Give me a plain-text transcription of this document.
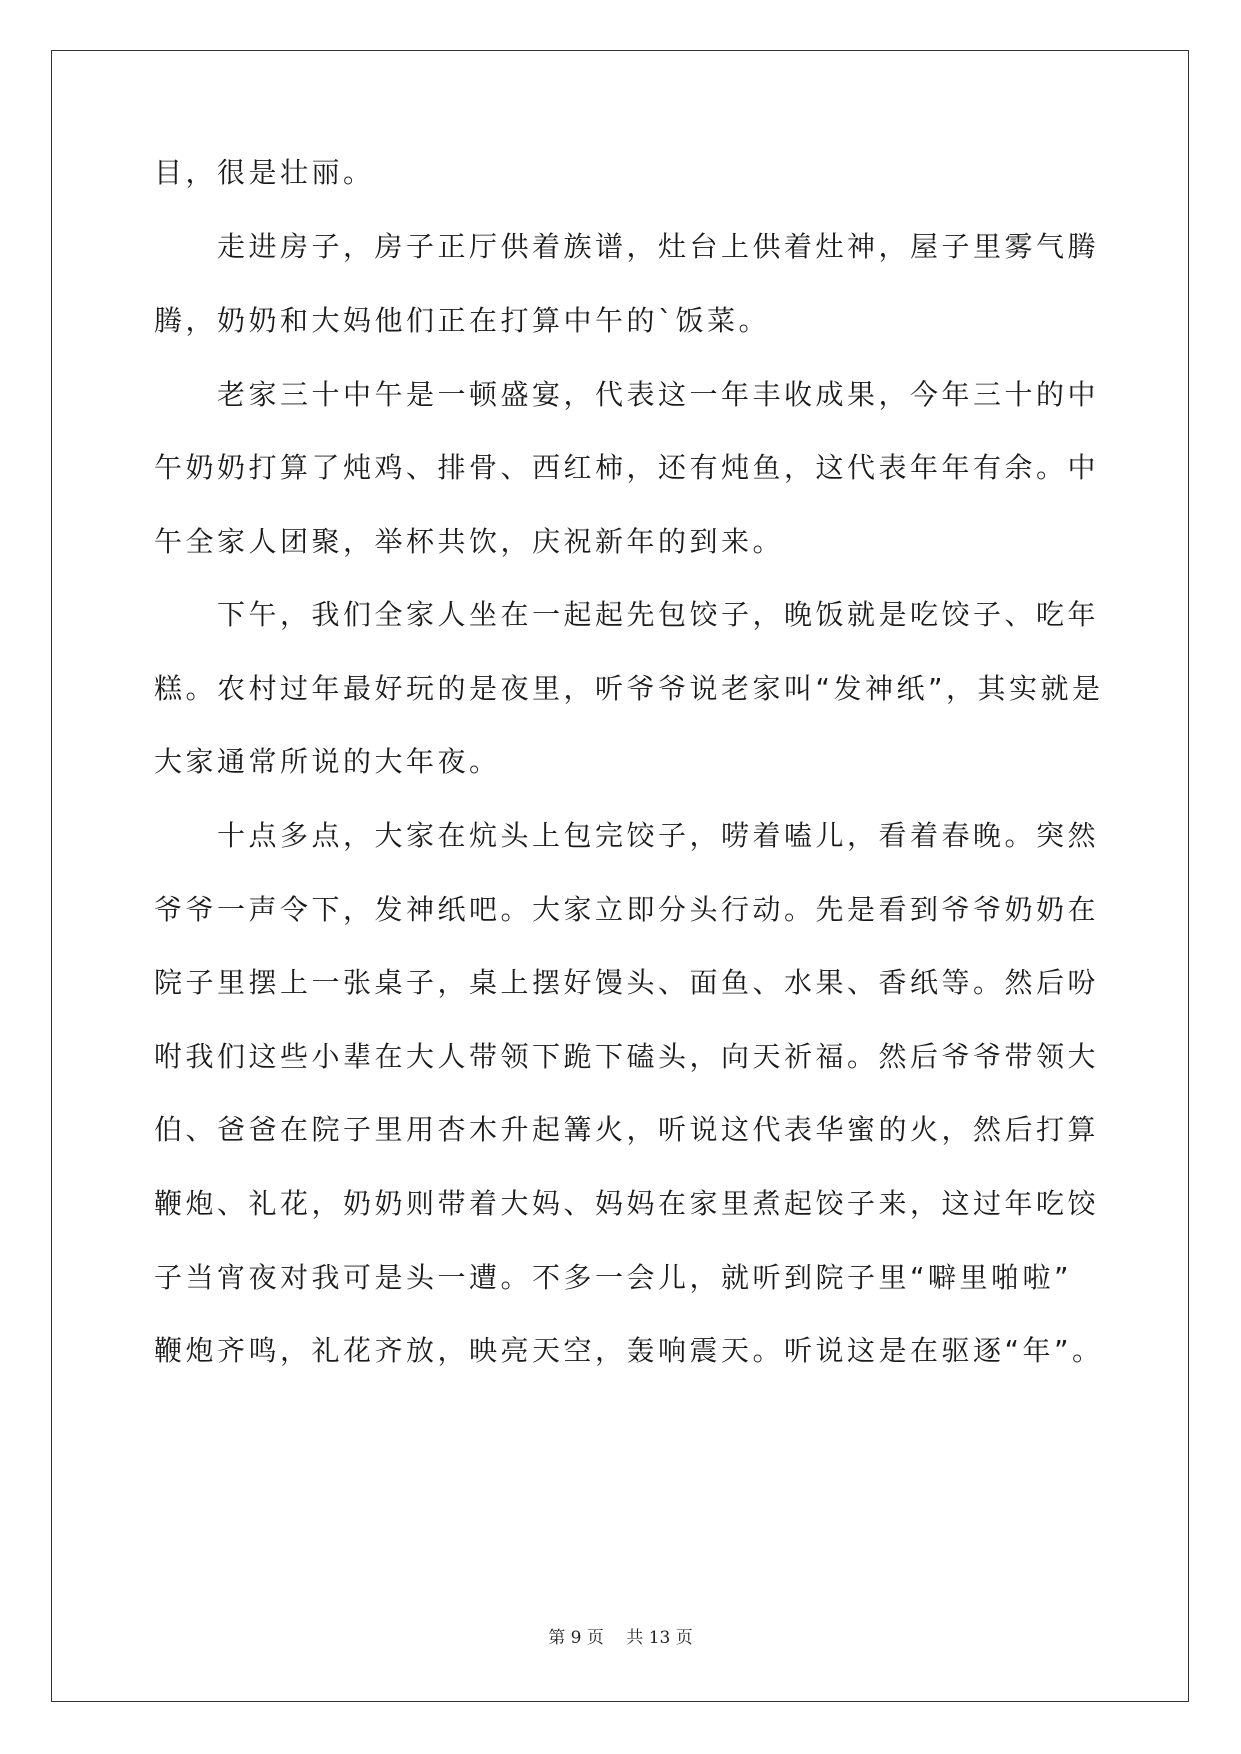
目，很是壮丽。
　　走进房子，房子正厅供着族谱，灶台上供着灶神，屋子里雾气腾
腾，奶奶和大妈他们正在打算中午的`饭菜。
　　老家三十中午是一顿盛宴，代表这一年丰收成果，今年三十的中
午奶奶打算了炖鸡、排骨、西红柿，还有炖鱼，这代表年年有余。中
午全家人团聚，举杯共饮，庆祝新年的到来。
　　下午，我们全家人坐在一起起先包饺子，晚饭就是吃饺子、吃年
糕。农村过年最好玩的是夜里，听爷爷说老家叫“发神纸”，其实就是
大家通常所说的大年夜。
　　十点多点，大家在炕头上包完饺子，唠着嗑儿，看着春晚。突然
爷爷一声令下，发神纸吧。大家立即分头行动。先是看到爷爷奶奶在
院子里摆上一张桌子，桌上摆好馒头、面鱼、水果、香纸等。然后吩
咐我们这些小辈在大人带领下跪下磕头，向天祈福。然后爷爷带领大
伯、爸爸在院子里用杏木升起篝火，听说这代表华蜜的火，然后打算
鞭炮、礼花，奶奶则带着大妈、妈妈在家里煮起饺子来，这过年吃饺
子当宵夜对我可是头一遭。不多一会儿，就听到院子里“噼里啪啦”
鞭炮齐鸣，礼花齐放，映亮天空，轰响震天。听说这是在驱逐“年”。
第 9 页　 共 13 页
